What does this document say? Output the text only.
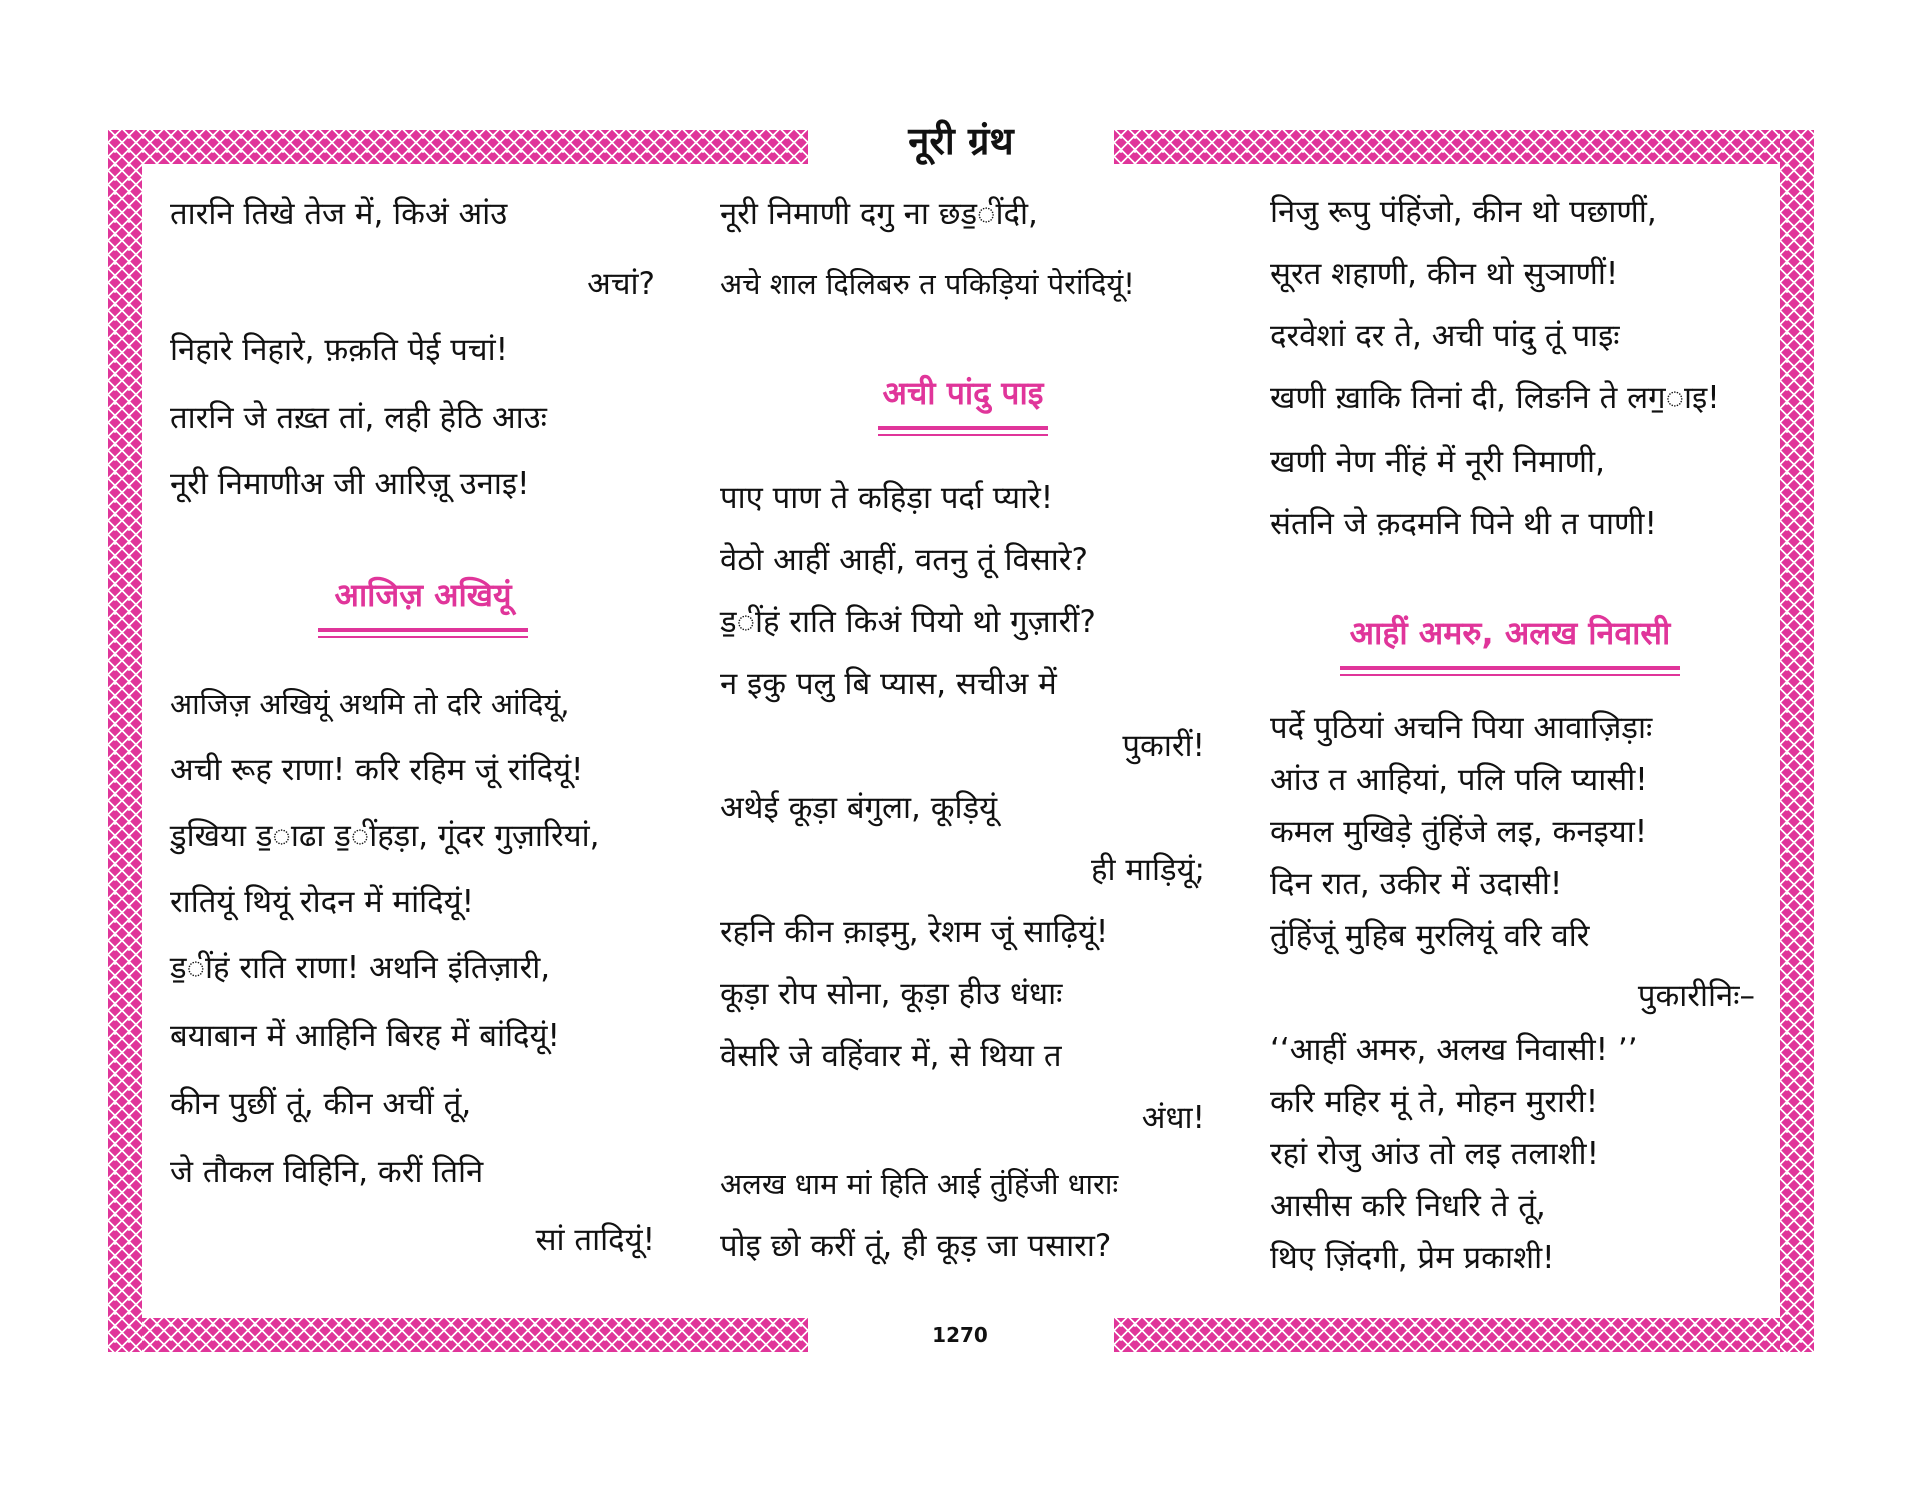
नूरी ग्रंथ
1270
तारनि तिखे तेज में, किअं आंउ
अचां?
निहारे निहारे, फ़क़ति पेई पचां!
तारनि जे तख़्त तां, लही हेठि आउः
नूरी निमाणीअ जी आरिज़ू उनाइ!
आजिज़ अखियूं
आजिज़ अखियूं अथमि तो दरि आंदियूं,
अची रूह राणा! करि रहिम जूं रांदियूं!
डुखिया ड॒ाढा ड॒ींहड़ा, गूंदर गुज़ारियां,
रातियूं थियूं रोदन में मांदियूं!
ड॒ींहं राति राणा! अथनि इंतिज़ारी,
बयाबान में आहिनि बिरह में बांदियूं!
कीन पुछीं तूं, कीन अचीं तूं,
जे तौकल विहिनि, करीं तिनि
सां तादियूं!
नूरी निमाणी दगु ना छड॒ींदी,
अचे शाल दिलिबरु त पकिड़ियां पेरांदियूं!
अची पांदु पाइ
पाए पाण ते कहिड़ा पर्दा प्यारे!
वेठो आहीं आहीं, वतनु तूं विसारे?
ड॒ींहं राति किअं पियो थो गुज़ारीं?
न इकु पलु बि प्यास, सचीअ में
पुकारीं!
अथेई कूड़ा बंगुला, कूड़ियूं
ही माड़ियूं;
रहनि कीन क़ाइमु, रेशम जूं साढ़ियूं!
कूड़ा रोप सोना, कूड़ा हीउ धंधाः
वेसरि जे वहिंवार में, से थिया त
अंधा!
अलख धाम मां हिति आई तुंहिंजी धाराः
पोइ छो करीं तूं, ही कूड़ जा पसारा?
निजु रूपु पंहिंजो, कीन थो पछाणीं,
सूरत शहाणी, कीन थो सुञाणीं!
दरवेशां दर ते, अची पांदु तूं पाइः
खणी ख़ाकि तिनां दी, लिङनि ते लग॒ाइ!
खणी नेण नींहं में नूरी निमाणी,
संतनि जे क़दमनि पिने थी त पाणी!
आहीं अमरु, अलख निवासी
पर्दे पुठियां अचनि पिया आवाज़िड़ाः
आंउ त आहियां, पलि पलि प्यासी!
कमल मुखिड़े तुंहिंजे लइ, कनइया!
दिन रात, उकीर में उदासी!
तुंहिंजूं मुहिब मुरलियूं वरि वरि
पुकारीनिः–
‘‘आहीं अमरु, अलख निवासी! ’’
करि महिर मूं ते, मोहन मुरारी!
रहां रोजु आंउ तो लइ तलाशी!
आसीस करि निधरि ते तूं,
थिए ज़िंदगी, प्रेम प्रकाशी!
